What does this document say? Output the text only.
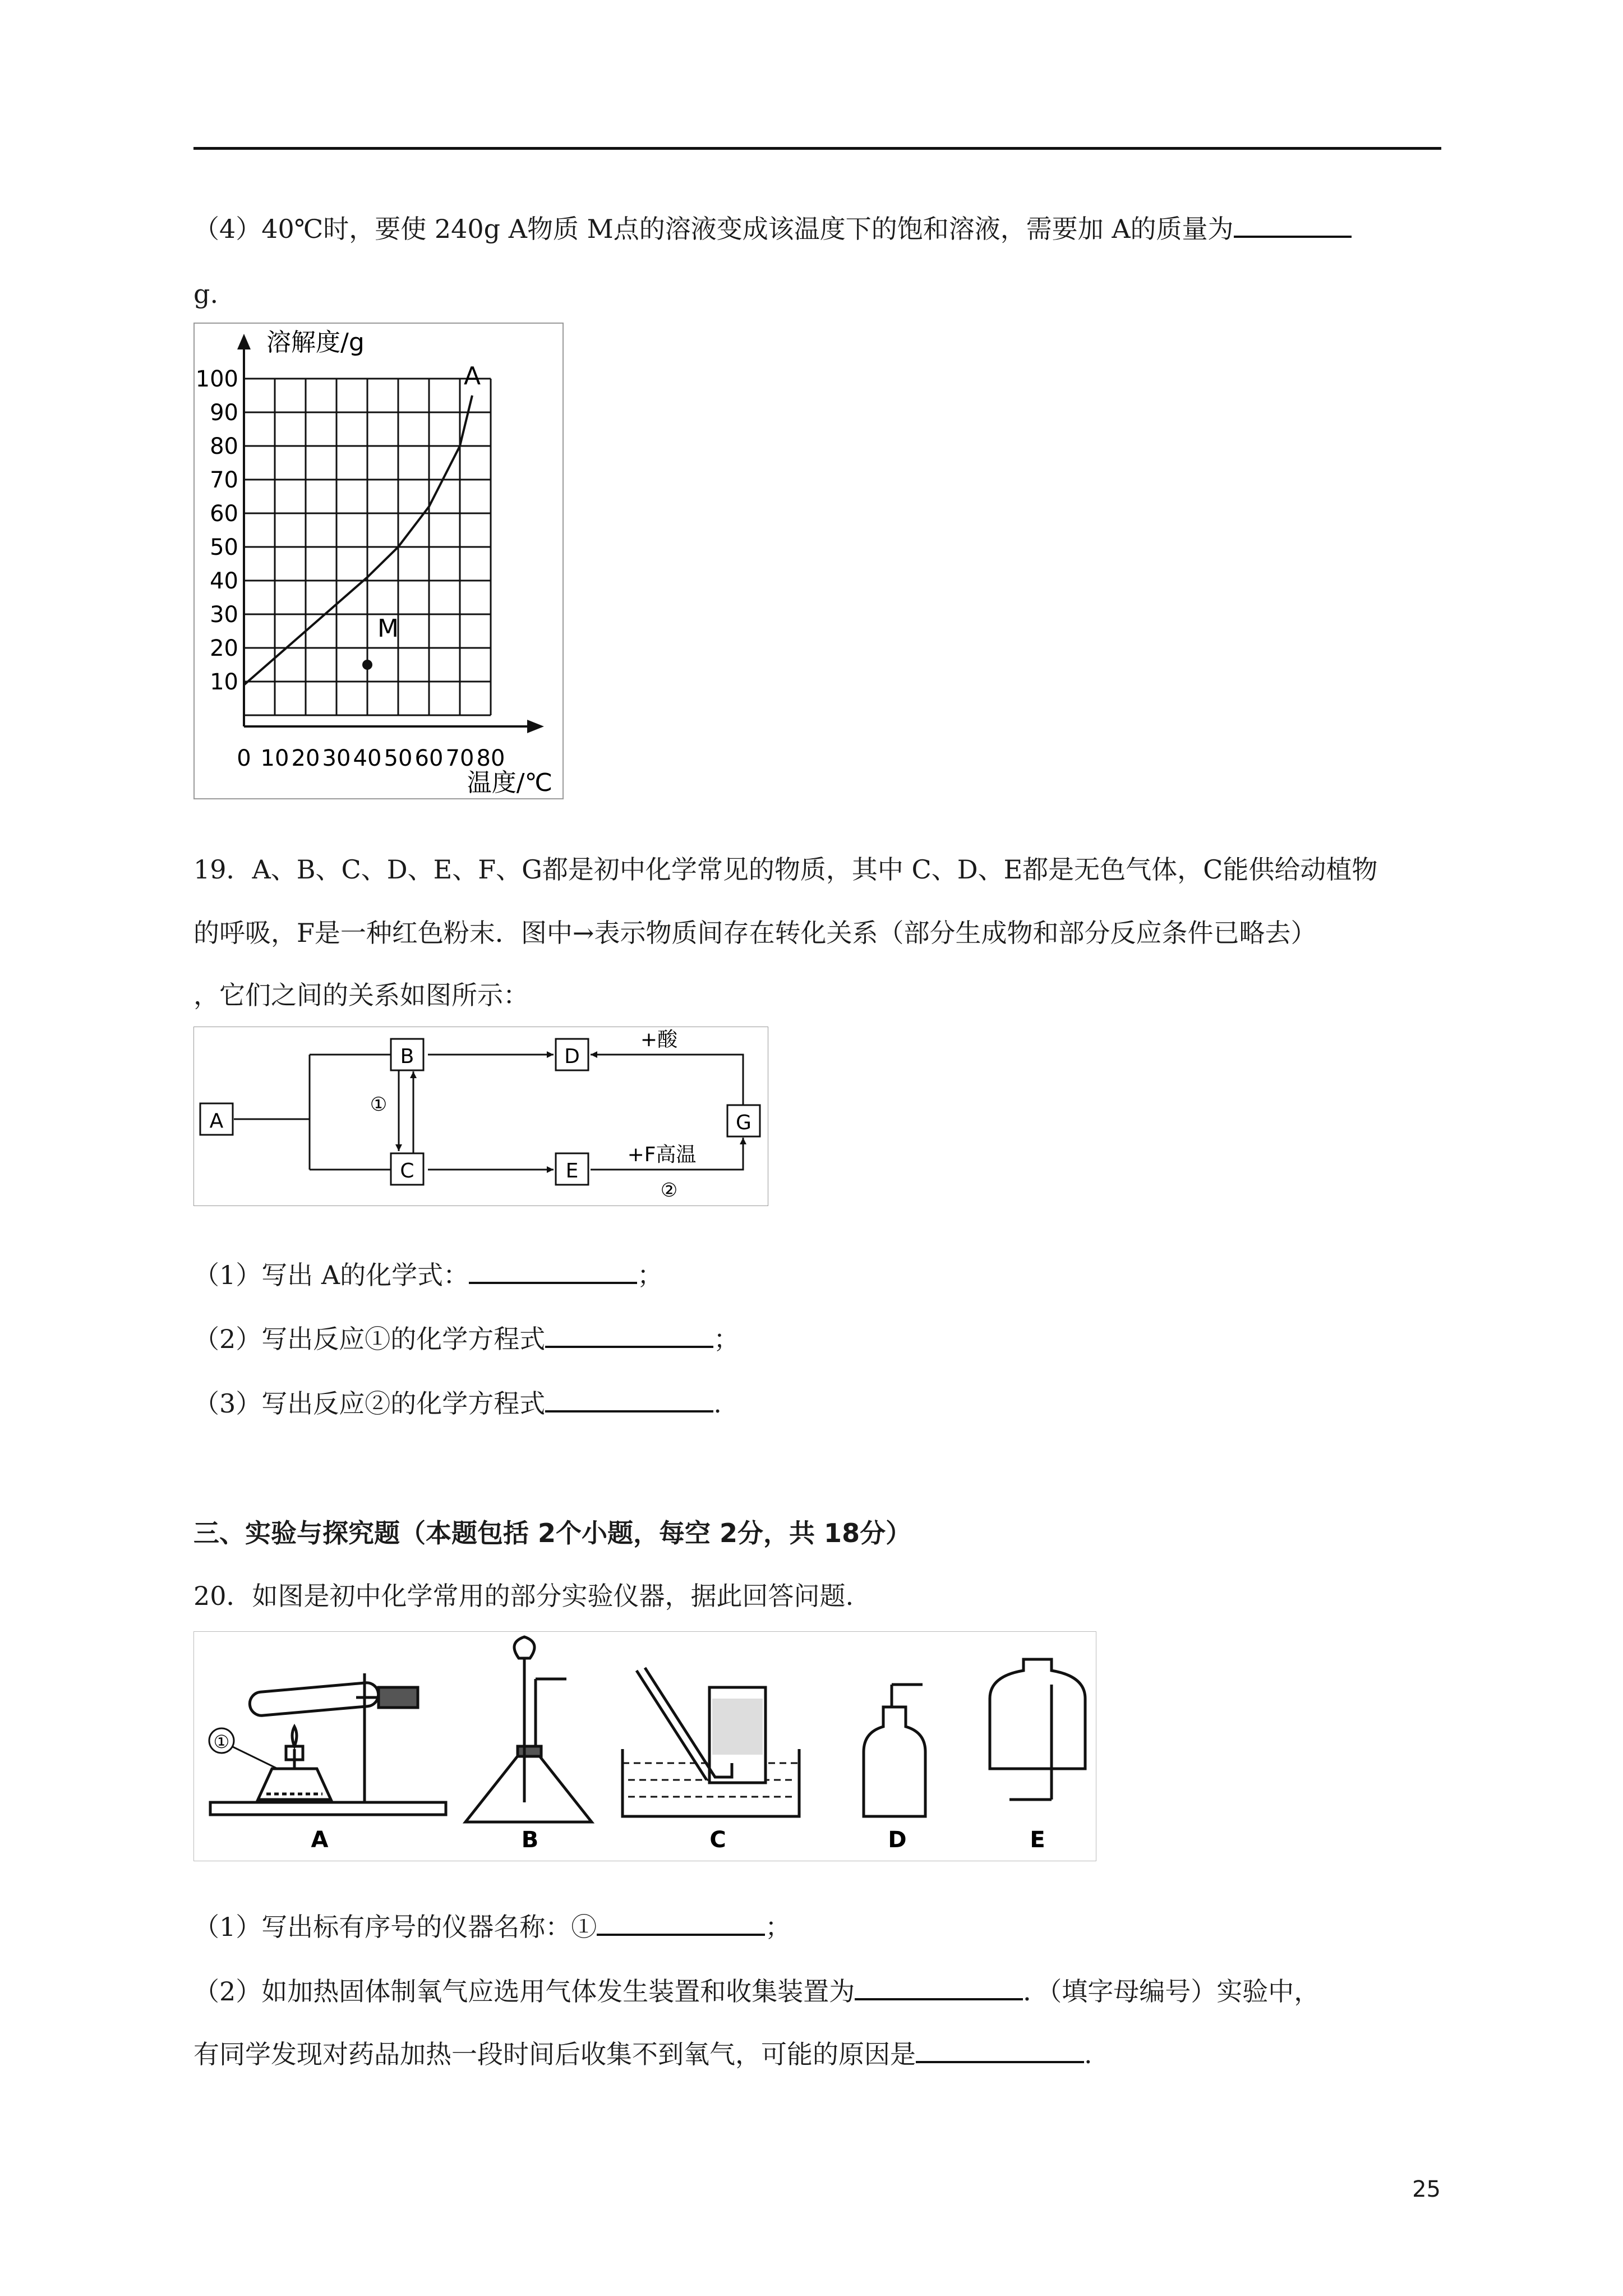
（4）40℃时，要使 240g A物质 M点的溶液变成该温度下的饱和溶液，需要加 A的质量为
g.
10
20
30
40
50
60
70
80
90
100
0 10 20 30 40 50 60 70 80
溶解度/g
温度/℃
A
M
19．A、B、C、D、E、F、G都是初中化学常见的物质，其中 C、D、E都是无色气体，C能供给动植物
的呼吸，F是一种红色粉末．图中→表示物质间存在转化关系（部分生成物和部分反应条件已略去）
，它们之间的关系如图所示：
A
B
C
D
E
G
①
+酸
+F高温
②
（1）写出 A的化学式：	；
（2）写出反应①的化学方程式	；
（3）写出反应②的化学方程式	.
三、实验与探究题（本题包括 2个小题，每空 2分，共 18分）
20．如图是初中化学常用的部分实验仪器，据此回答问题.
①
A	B	C	D	E
（1）写出标有序号的仪器名称：①	；
（2）如加热固体制氧气应选用气体发生装置和收集装置为	．（填字母编号）实验中，
有同学发现对药品加热一段时间后收集不到氧气，可能的原因是	.
25
